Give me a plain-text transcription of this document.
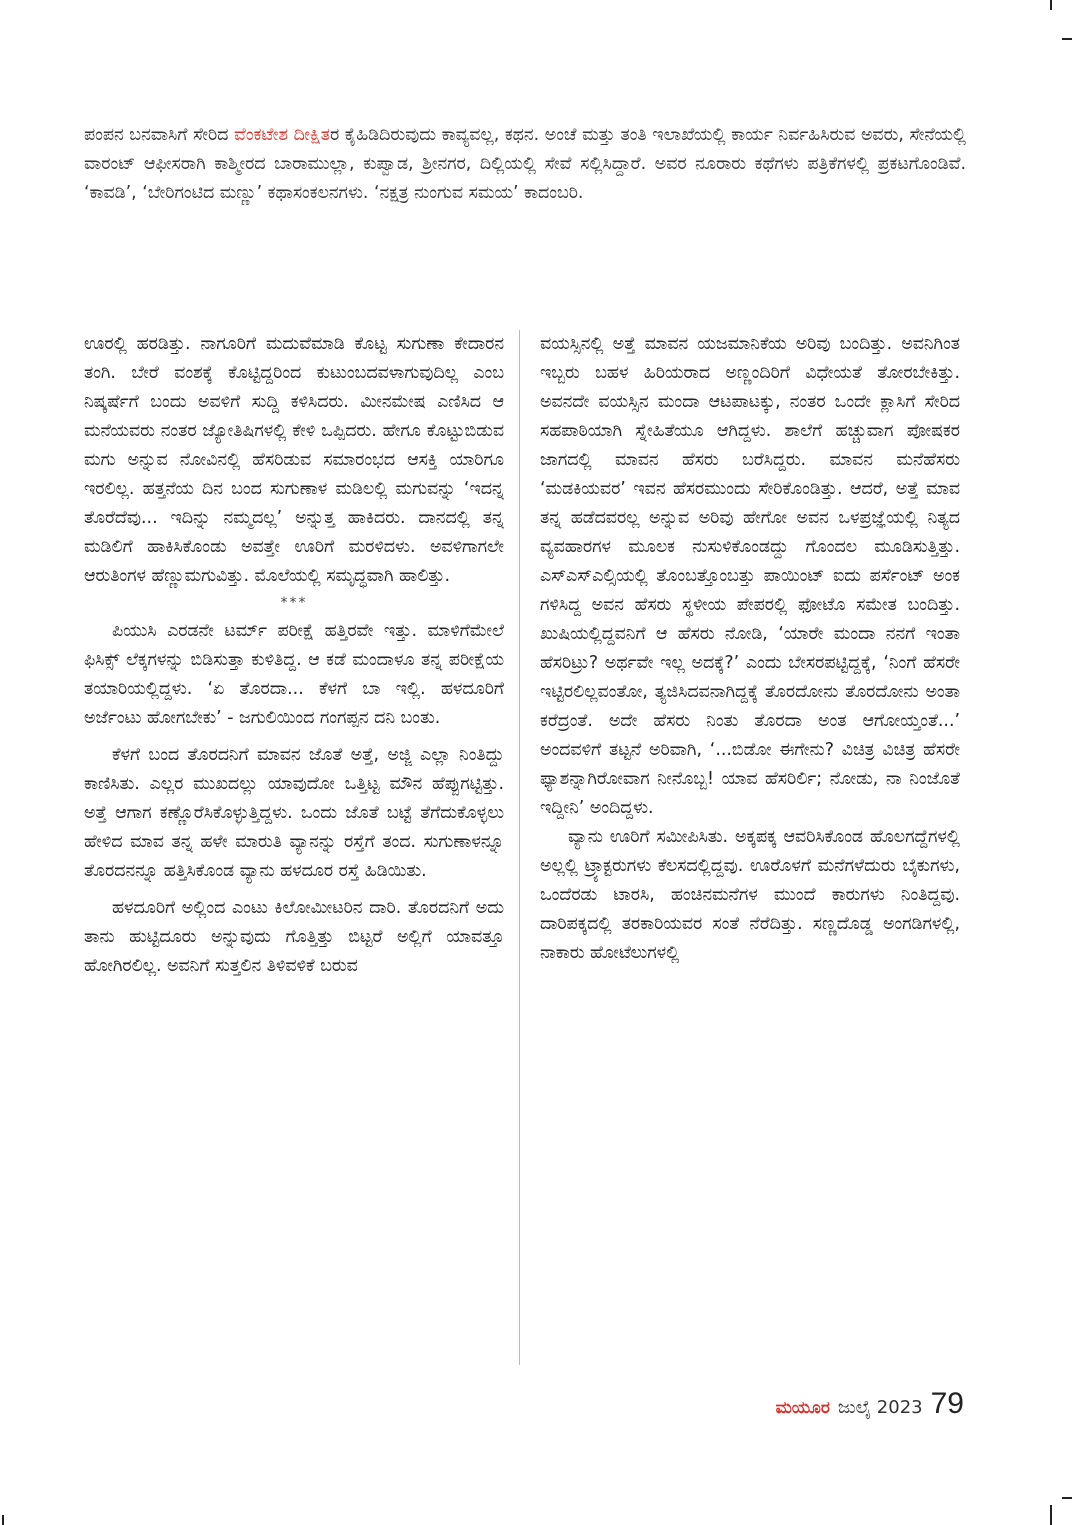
ಪಂಪನ ಬನವಾಸಿಗೆ ಸೇರಿದ ವೆಂಕಟೇಶ ದೀಕ್ಷಿತರ ಕೈಹಿಡಿದಿರುವುದು ಕಾವ್ಯವಲ್ಲ, ಕಥನ. ಅಂಚೆ ಮತ್ತು ತಂತಿ ಇಲಾಖೆಯಲ್ಲಿ ಕಾರ್ಯ ನಿರ್ವಹಿಸಿರುವ ಅವರು, ಸೇನೆಯಲ್ಲಿ ವಾರಂಟ್ ಆಫೀಸರಾಗಿ ಕಾಶ್ಮೀರದ ಬಾರಾಮುಲ್ಲಾ, ಕುಪ್ವಾಡ, ಶ್ರೀನಗರ, ದಿಲ್ಲಿಯಲ್ಲಿ ಸೇವೆ ಸಲ್ಲಿಸಿದ್ದಾರೆ. ಅವರ ನೂರಾರು ಕಥೆಗಳು ಪತ್ರಿಕೆಗಳಲ್ಲಿ ಪ್ರಕಟಗೊಂಡಿವೆ. ‘ಕಾವಡಿ’, ‘ಬೇರಿಗಂಟಿದ ಮಣ್ಣು’ ಕಥಾಸಂಕಲನಗಳು. ‘ನಕ್ಷತ್ರ ನುಂಗುವ ಸಮಯ’ ಕಾದಂಬರಿ.

ಊರಲ್ಲಿ ಹರಡಿತ್ತು. ನಾಗೂರಿಗೆ ಮದುವೆಮಾಡಿ ಕೊಟ್ಟ ಸುಗುಣಾ ಕೇದಾರನ ತಂಗಿ. ಬೇರೆ ವಂಶಕ್ಕೆ ಕೊಟ್ಟಿದ್ದರಿಂದ ಕುಟುಂಬದವಳಾಗುವುದಿಲ್ಲ ಎಂಬ ನಿಷ್ಕರ್ಷೆಗೆ ಬಂದು ಅವಳಿಗೆ ಸುದ್ದಿ ಕಳಿಸಿದರು. ಮೀನಮೇಷ ಎಣಿಸಿದ ಆ ಮನೆಯವರು ನಂತರ ಜ್ಯೋತಿಷಿಗಳಲ್ಲಿ ಕೇಳಿ ಒಪ್ಪಿದರು. ಹೇಗೂ ಕೊಟ್ಟುಬಿಡುವ ಮಗು ಅನ್ನುವ ನೋವಿನಲ್ಲಿ ಹೆಸರಿಡುವ ಸಮಾರಂಭದ ಆಸಕ್ತಿ ಯಾರಿಗೂ ಇರಲಿಲ್ಲ. ಹತ್ತನೆಯ ದಿನ ಬಂದ ಸುಗುಣಾಳ ಮಡಿಲಲ್ಲಿ ಮಗುವನ್ನು ‘ಇದನ್ನ ತೊರೆದೆವು... ಇದಿನ್ನು ನಮ್ಮದಲ್ಲ’ ಅನ್ನುತ್ತ ಹಾಕಿದರು. ದಾನದಲ್ಲಿ ತನ್ನ ಮಡಿಲಿಗೆ ಹಾಕಿಸಿಕೊಂಡು ಅವತ್ತೇ ಊರಿಗೆ ಮರಳಿದಳು. ಅವಳಿಗಾಗಲೇ ಆರುತಿಂಗಳ ಹೆಣ್ಣುಮಗುವಿತ್ತು. ಮೊಲೆಯಲ್ಲಿ ಸಮೃದ್ಧವಾಗಿ ಹಾಲಿತ್ತು.

***

ಪಿಯುಸಿ ಎರಡನೇ ಟರ್ಮ್ ಪರೀಕ್ಷೆ ಹತ್ತಿರವೇ ಇತ್ತು. ಮಾಳಿಗೆಮೇಲೆ ಫಿಸಿಕ್ಸ್ ಲೆಕ್ಕಗಳನ್ನು ಬಿಡಿಸುತ್ತಾ ಕುಳಿತಿದ್ದ. ಆ ಕಡೆ ಮಂದಾಳೂ ತನ್ನ ಪರೀಕ್ಷೆಯ ತಯಾರಿಯಲ್ಲಿದ್ದಳು. ‘ಏ ತೊರದಾ... ಕೆಳಗೆ ಬಾ ಇಲ್ಲಿ. ಹಳದೂರಿಗೆ ಅರ್ಜೆಂಟು ಹೋಗಬೇಕು’ - ಜಗುಲಿಯಿಂದ ಗಂಗಪ್ಪನ ದನಿ ಬಂತು.

ಕೆಳಗೆ ಬಂದ ತೊರದನಿಗೆ ಮಾವನ ಜೊತೆ ಅತ್ತೆ, ಅಜ್ಜಿ ಎಲ್ಲಾ ನಿಂತಿದ್ದು ಕಾಣಿಸಿತು. ಎಲ್ಲರ ಮುಖದಲ್ಲು ಯಾವುದೋ ಒತ್ತಿಟ್ಟ ಮೌನ ಹೆಪ್ಪುಗಟ್ಟಿತ್ತು. ಅತ್ತೆ ಆಗಾಗ ಕಣ್ಣೊರೆಸಿಕೊಳ್ಳುತ್ತಿದ್ದಳು. ಒಂದು ಜೊತೆ ಬಟ್ಟೆ ತೆಗೆದುಕೊಳ್ಳಲು ಹೇಳಿದ ಮಾವ ತನ್ನ ಹಳೇ ಮಾರುತಿ ವ್ಯಾನನ್ನು ರಸ್ತೆಗೆ ತಂದ. ಸುಗುಣಾಳನ್ನೂ ತೊರದನನ್ನೂ ಹತ್ತಿಸಿಕೊಂಡ ವ್ಯಾನು ಹಳದೂರ ರಸ್ತೆ ಹಿಡಿಯಿತು.

ಹಳದೂರಿಗೆ ಅಲ್ಲಿಂದ ಎಂಟು ಕಿಲೋಮೀಟರಿನ ದಾರಿ. ತೊರದನಿಗೆ ಅದು ತಾನು ಹುಟ್ಟಿದೂರು ಅನ್ನುವುದು ಗೊತ್ತಿತ್ತು ಬಿಟ್ಟರೆ ಅಲ್ಲಿಗೆ ಯಾವತ್ತೂ ಹೋಗಿರಲಿಲ್ಲ. ಅವನಿಗೆ ಸುತ್ತಲಿನ ತಿಳಿವಳಿಕೆ ಬರುವ

ವಯಸ್ಸಿನಲ್ಲಿ ಅತ್ತೆ ಮಾವನ ಯಜಮಾನಿಕೆಯ ಅರಿವು ಬಂದಿತ್ತು. ಅವನಿಗಿಂತ ಇಬ್ಬರು ಬಹಳ ಹಿರಿಯರಾದ ಅಣ್ಣಂದಿರಿಗೆ ವಿಧೇಯತೆ ತೋರಬೇಕಿತ್ತು. ಅವನದೇ ವಯಸ್ಸಿನ ಮಂದಾ ಆಟಪಾಟಕ್ಕು, ನಂತರ ಒಂದೇ ಕ್ಲಾಸಿಗೆ ಸೇರಿದ ಸಹಪಾಠಿಯಾಗಿ ಸ್ನೇಹಿತೆಯೂ ಆಗಿದ್ದಳು. ಶಾಲೆಗೆ ಹಚ್ಚುವಾಗ ಪೋಷಕರ ಜಾಗದಲ್ಲಿ ಮಾವನ ಹೆಸರು ಬರೆಸಿದ್ದರು. ಮಾವನ ಮನೆಹೆಸರು ‘ಮಡಕಿಯವರ’ ಇವನ ಹೆಸರಮುಂದು ಸೇರಿಕೊಂಡಿತ್ತು. ಆದರೆ, ಅತ್ತೆ ಮಾವ ತನ್ನ ಹಡೆದವರಲ್ಲ ಅನ್ನುವ ಅರಿವು ಹೇಗೋ ಅವನ ಒಳಪ್ರಜ್ಞೆಯಲ್ಲಿ ನಿತ್ಯದ ವ್ಯವಹಾರಗಳ ಮೂಲಕ ನುಸುಳಿಕೊಂಡದ್ದು ಗೊಂದಲ ಮೂಡಿಸುತ್ತಿತ್ತು. ಎಸ್‌ಎಸ್‌ಎಲ್ಸಿಯಲ್ಲಿ ತೊಂಬತ್ತೊಂಬತ್ತು ಪಾಯಿಂಟ್ ಐದು ಪರ್ಸೆಂಟ್ ಅಂಕ ಗಳಿಸಿದ್ದ ಅವನ ಹೆಸರು ಸ್ಥಳೀಯ ಪೇಪರಲ್ಲಿ ಫೋಟೊ ಸಮೇತ ಬಂದಿತ್ತು. ಖುಷಿಯಲ್ಲಿದ್ದವನಿಗೆ ಆ ಹೆಸರು ನೋಡಿ, ‘ಯಾರೇ ಮಂದಾ ನನಗೆ ಇಂತಾ ಹೆಸರಿಟ್ರು? ಅರ್ಥವೇ ಇಲ್ಲ ಅದಕ್ಕೆ?’ ಎಂದು ಬೇಸರಪಟ್ಟಿದ್ದಕ್ಕೆ, ‘ನಿಂಗೆ ಹೆಸರೇ ಇಟ್ಟಿರಲಿಲ್ಲವಂತೋ, ತ್ಯಜಿಸಿದವನಾಗಿದ್ದಕ್ಕೆ ತೊರದೋನು ತೊರದೋನು ಅಂತಾ ಕರೆದ್ರಂತೆ. ಅದೇ ಹೆಸರು ನಿಂತು ತೊರದಾ ಅಂತ ಆಗೋಯ್ತಂತೆ...’ ಅಂದವಳಿಗೆ ತಟ್ಟನೆ ಅರಿವಾಗಿ, ‘...ಬಿಡೋ ಈಗೇನು? ವಿಚಿತ್ರ ವಿಚಿತ್ರ ಹೆಸರೇ ಫ್ಯಾಶನ್ನಾಗಿರೋವಾಗ ನೀನೊಬ್ಬ! ಯಾವ ಹೆಸರಿರ್ಲಿ; ನೋಡು, ನಾ ನಿಂಜೊತೆ ಇದ್ದೀನಿ’ ಅಂದಿದ್ದಳು.

ವ್ಯಾನು ಊರಿಗೆ ಸಮೀಪಿಸಿತು. ಅಕ್ಕಪಕ್ಕ ಆವರಿಸಿಕೊಂಡ ಹೊಲಗದ್ದೆಗಳಲ್ಲಿ ಅಲ್ಲಲ್ಲಿ ಟ್ರ್ಯಾಕ್ಟರುಗಳು ಕೆಲಸದಲ್ಲಿದ್ದವು. ಊರೊಳಗೆ ಮನೆಗಳೆದುರು ಬೈಕುಗಳು, ಒಂದೆರಡು ಟಾರಸಿ, ಹಂಚಿನಮನೆಗಳ ಮುಂದೆ ಕಾರುಗಳು ನಿಂತಿದ್ದವು. ದಾರಿಪಕ್ಕದಲ್ಲಿ ತರಕಾರಿಯವರ ಸಂತೆ ನೆರೆದಿತ್ತು. ಸಣ್ಣದೊಡ್ಡ ಅಂಗಡಿಗಳಲ್ಲಿ, ನಾಕಾರು ಹೋಟೆಲುಗಳಲ್ಲಿ

ಮಯೂರ ಜುಲೈ 2023 79
